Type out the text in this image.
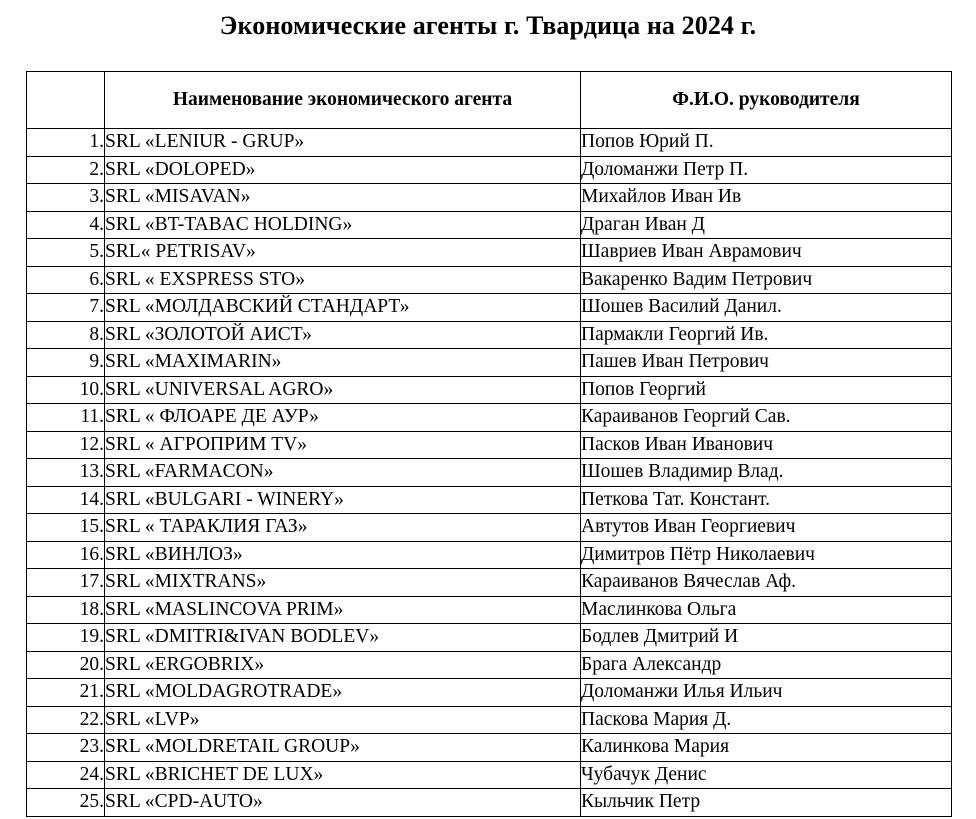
Экономические агенты г. Твардица на 2024 г.
	Наименование экономического агента	Ф.И.О. руководителя
1.	SRL «LENIUR - GRUP»	Попов Юрий П.
2.	SRL «DOLOPED»	Доломанжи Петр П.
3.	SRL «MISAVAN»	Михайлов Иван Ив
4.	SRL «BT-TABAC HOLDING»	Драган Иван Д
5.	SRL« PETRISAV»	Шавриев Иван Аврамович
6.	SRL « EXSPRESS STO»	Вакаренко Вадим Петрович
7.	SRL «МОЛДАВСКИЙ СТАНДАРТ»	Шошев Василий Данил.
8.	SRL «ЗОЛОТОЙ АИСТ»	Пармакли Георгий Ив.
9.	SRL «MAXIMARIN»	Пашев Иван Петрович
10.	SRL «UNIVERSAL AGRO»	Попов Георгий
11.	SRL « ФЛОАРЕ ДЕ АУР»	Караиванов Георгий Сав.
12.	SRL « АГРОПРИМ TV»	Пасков Иван Иванович
13.	SRL «FARMACON»	Шошев Владимир Влад.
14.	SRL «BULGARI - WINERY»	Петкова Тат. Констант.
15.	SRL « ТАРАКЛИЯ ГАЗ»	Автутов Иван Георгиевич
16.	SRL «ВИНЛОЗ»	Димитров Пётр Николаевич
17.	SRL «MIXTRANS»	Караиванов Вячеслав Аф.
18.	SRL «MASLINCOVA PRIM»	Маслинкова Ольга
19.	SRL «DMITRI&IVAN BODLEV»	Бодлев Дмитрий И
20.	SRL «ERGOBRIX»	Брага Александр
21.	SRL «MOLDAGROTRADE»	Доломанжи Илья Ильич
22.	SRL «LVP»	Паскова Мария Д.
23.	SRL «MOLDRETAIL GROUP»	Калинкова Мария
24.	SRL «BRICHET DE LUX»	Чубачук Денис
25.	SRL «CPD-AUTO»	Кыльчик Петр
